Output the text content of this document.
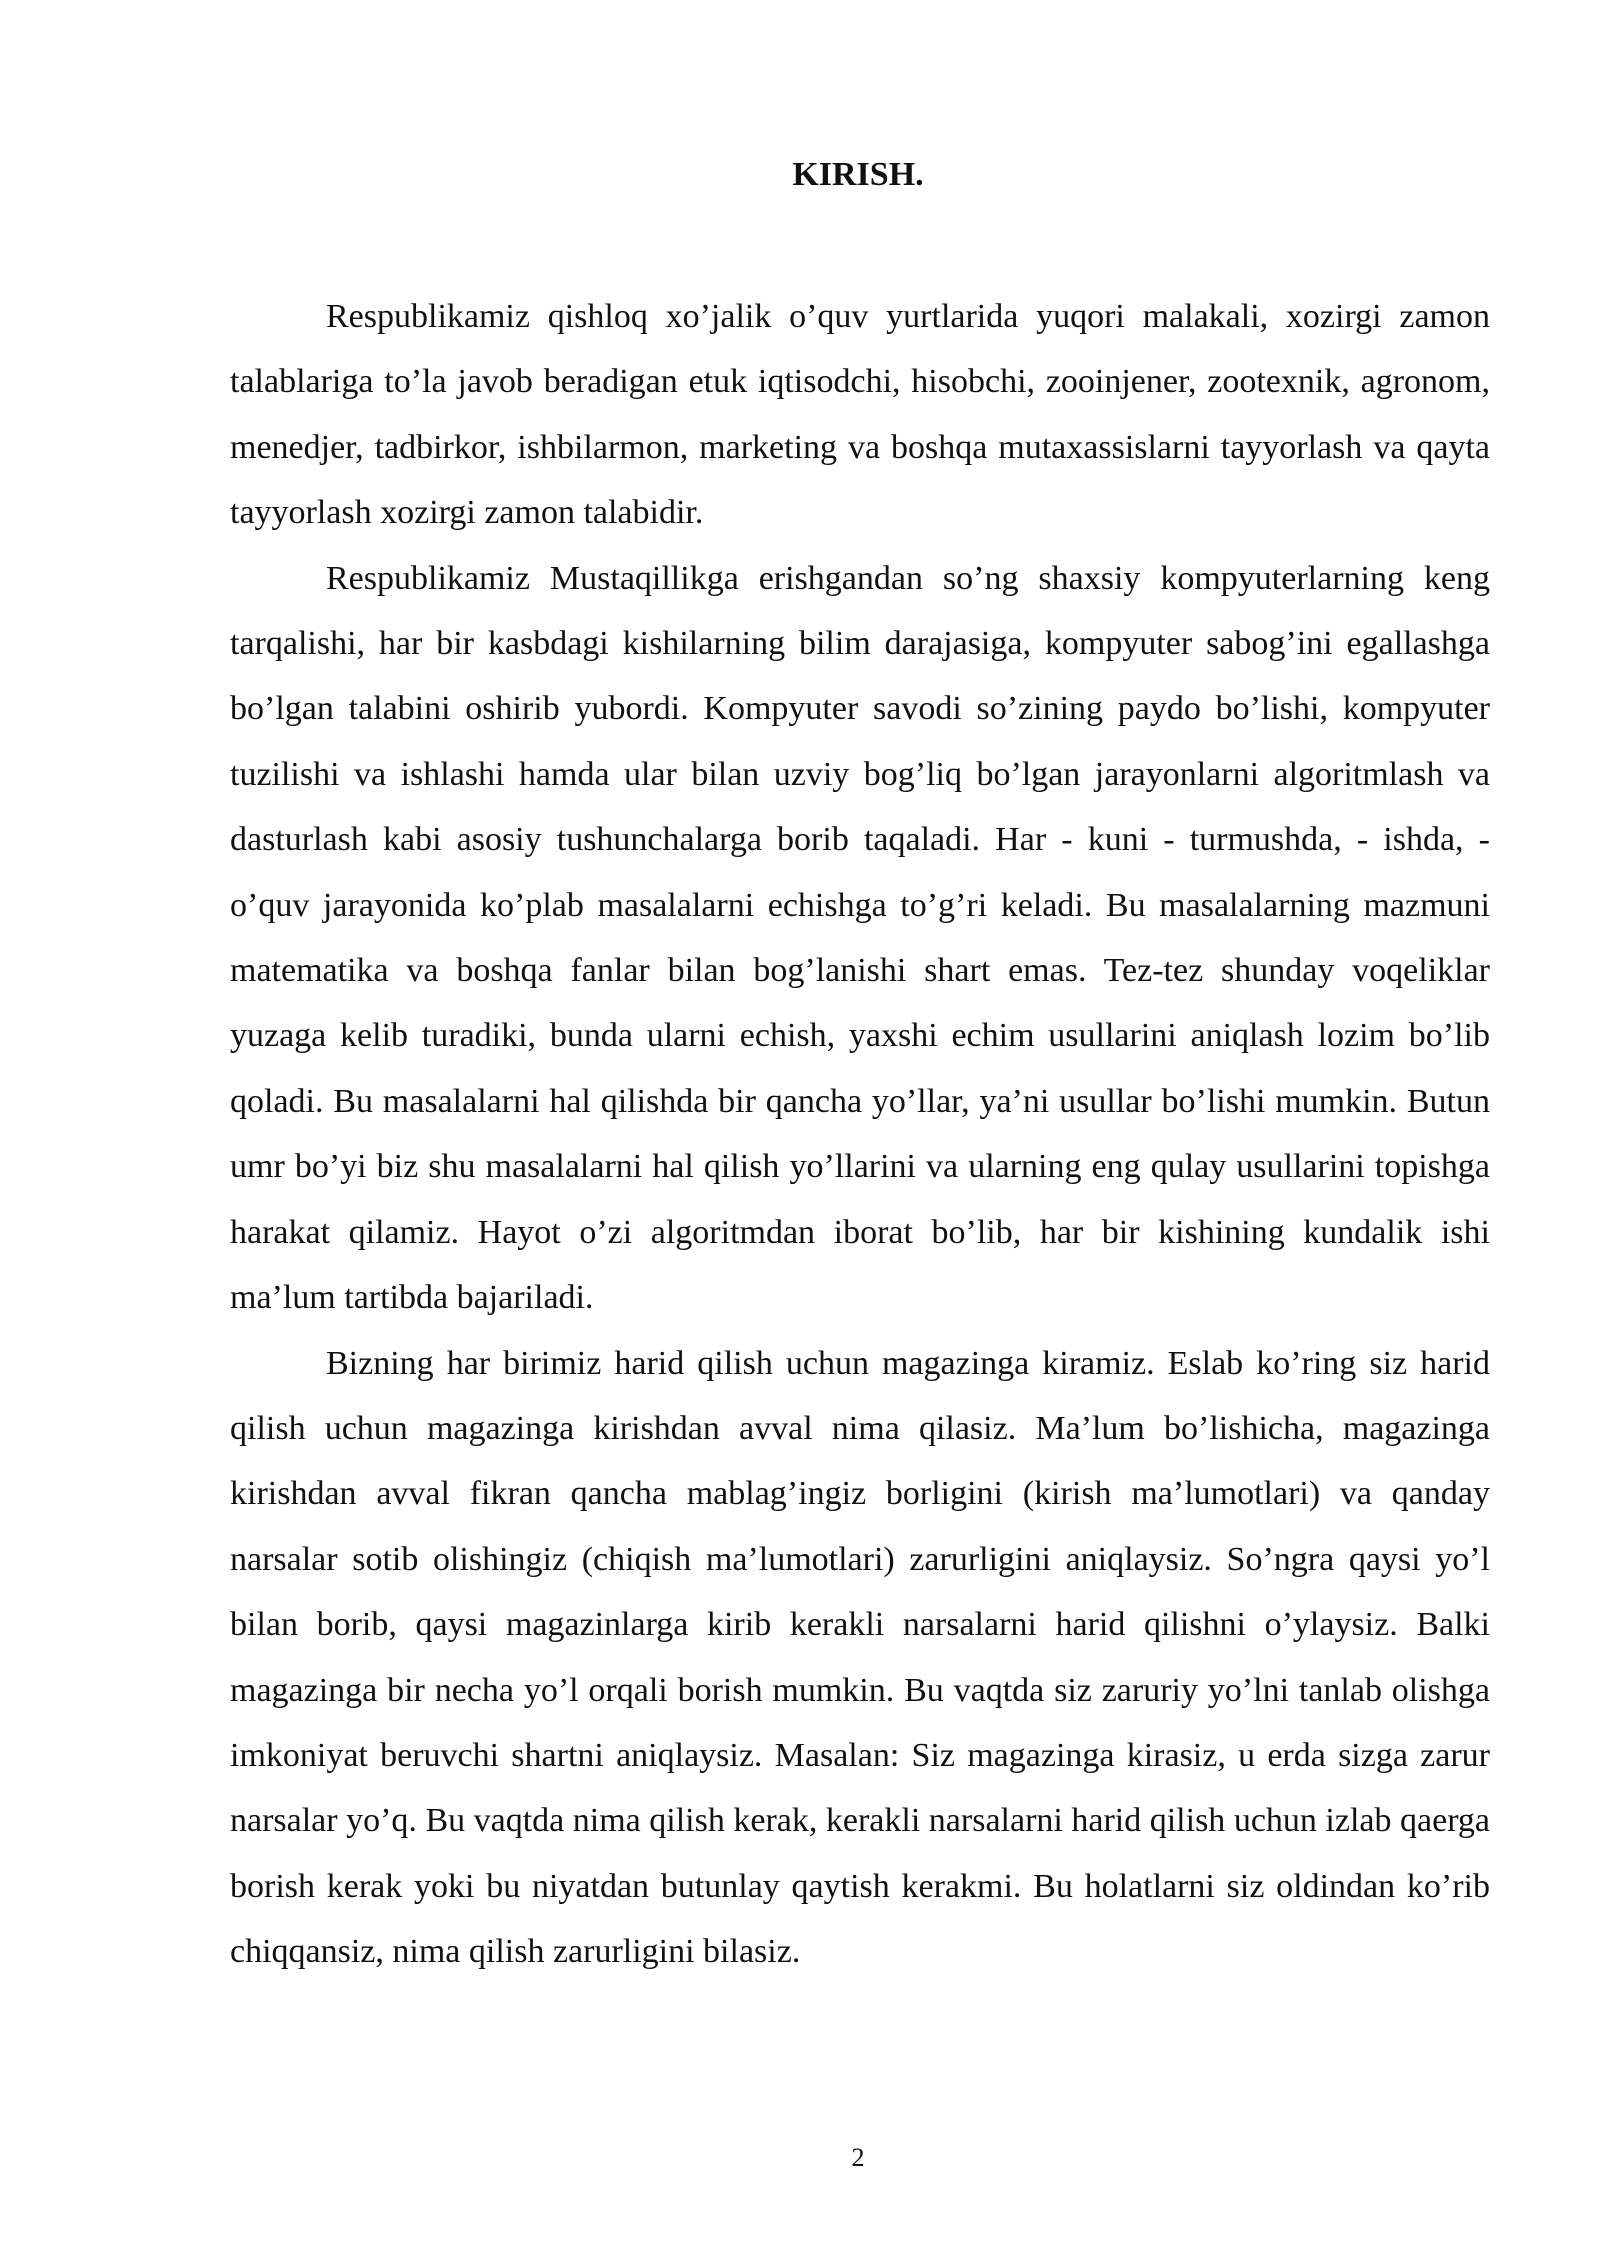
KIRISH.

Respublikamiz qishloq xo’jalik o’quv yurtlarida yuqori malakali, xozirgi zamon talablariga to’la javob beradigan etuk iqtisodchi, hisobchi, zooinjener, zootexnik, agronom, menedjer, tadbirkor, ishbilarmon, marketing va boshqa mutaxassislarni tayyorlash va qayta tayyorlash xozirgi zamon talabidir.

Respublikamiz Mustaqillikga erishgandan so’ng shaxsiy kompyuterlarning keng tarqalishi, har bir kasbdagi kishilarning bilim darajasiga, kompyuter sabog’ini egallashga bo’lgan talabini oshirib yubordi. Kompyuter savodi so’zining paydo bo’lishi, kompyuter tuzilishi va ishlashi hamda ular bilan uzviy bog’liq bo’lgan jarayonlarni algoritmlash va dasturlash kabi asosiy tushunchalarga borib taqaladi. Har - kuni - turmushda, - ishda, - o’quv jarayonida ko’plab masalalarni echishga to’g’ri keladi. Bu masalalarning mazmuni matematika va boshqa fanlar bilan bog’lanishi shart emas. Tez-tez shunday voqeliklar yuzaga kelib turadiki, bunda ularni echish, yaxshi echim usullarini aniqlash lozim bo’lib qoladi. Bu masalalarni hal qilishda bir qancha yo’llar, ya’ni usullar bo’lishi mumkin. Butun umr bo’yi biz shu masalalarni hal qilish yo’llarini va ularning eng qulay usullarini topishga harakat qilamiz. Hayot o’zi algoritmdan iborat bo’lib, har bir kishining kundalik ishi ma’lum tartibda bajariladi.

Bizning har birimiz harid qilish uchun magazinga kiramiz. Eslab ko’ring siz harid qilish uchun magazinga kirishdan avval nima qilasiz. Ma’lum bo’lishicha, magazinga kirishdan avval fikran qancha mablag’ingiz borligini (kirish ma’lumotlari) va qanday narsalar sotib olishingiz (chiqish ma’lumotlari) zarurligini aniqlaysiz. So’ngra qaysi yo’l bilan borib, qaysi magazinlarga kirib kerakli narsalarni harid qilishni o’ylaysiz. Balki magazinga bir necha yo’l orqali borish mumkin. Bu vaqtda siz zaruriy yo’lni tanlab olishga imkoniyat beruvchi shartni aniqlaysiz. Masalan: Siz magazinga kirasiz, u erda sizga zarur narsalar yo’q. Bu vaqtda nima qilish kerak, kerakli narsalarni harid qilish uchun izlab qaerga borish kerak yoki bu niyatdan butunlay qaytish kerakmi. Bu holatlarni siz oldindan ko’rib chiqqansiz, nima qilish zarurligini bilasiz.

2
